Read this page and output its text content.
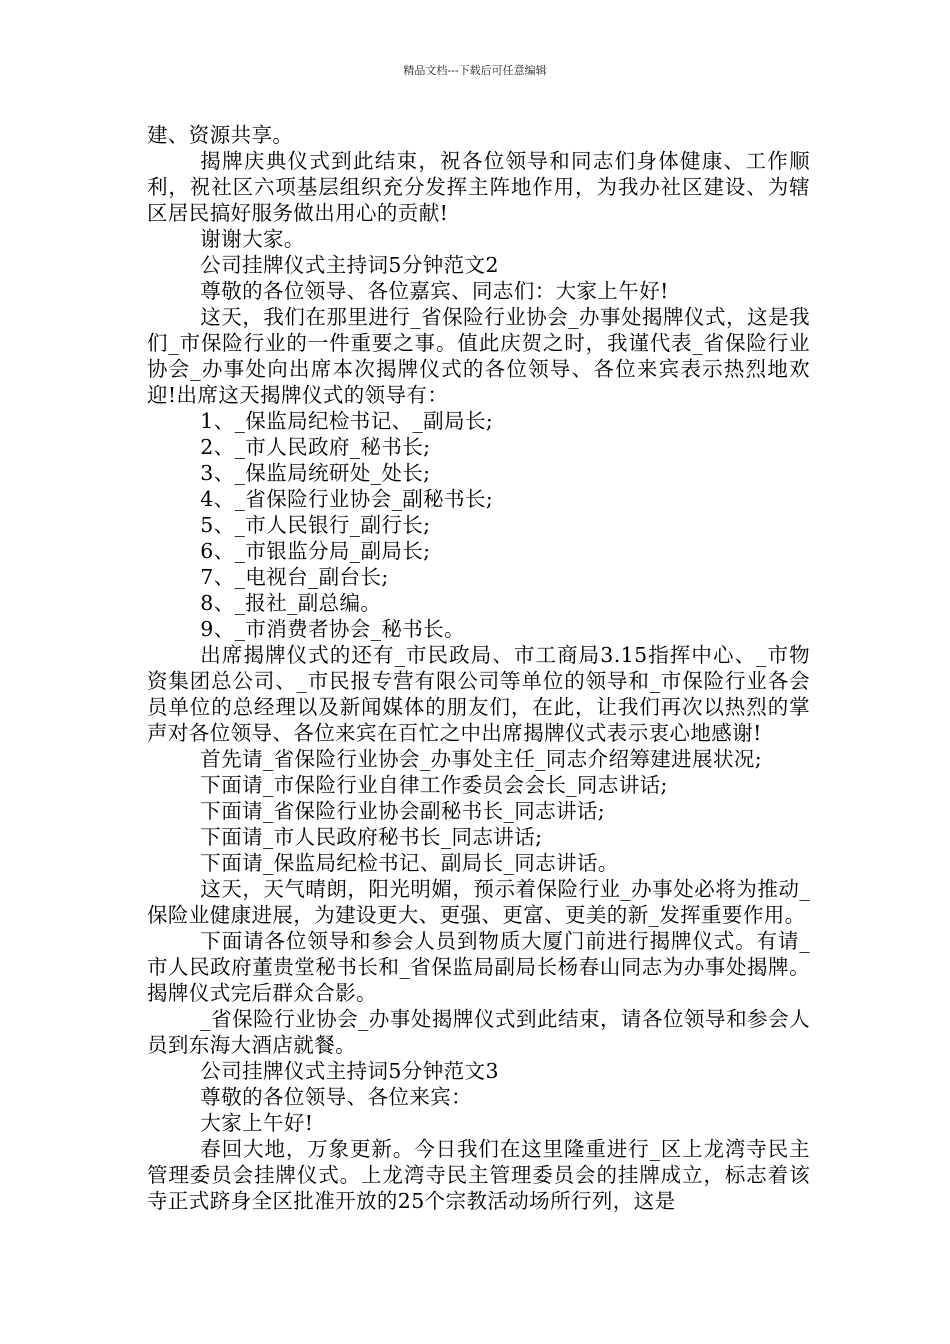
精品文档---下载后可任意编辑

建、资源共享。

揭牌庆典仪式到此结束，祝各位领导和同志们身体健康、工作顺利，祝社区六项基层组织充分发挥主阵地作用，为我办社区建设、为辖区居民搞好服务做出用心的贡献!

谢谢大家。

公司挂牌仪式主持词5分钟范文2

尊敬的各位领导、各位嘉宾、同志们：大家上午好!

这天，我们在那里进行_省保险行业协会_办事处揭牌仪式，这是我们_市保险行业的一件重要之事。值此庆贺之时，我谨代表_省保险行业协会_办事处向出席本次揭牌仪式的各位领导、各位来宾表示热烈地欢迎!出席这天揭牌仪式的领导有：

1、_保监局纪检书记、_副局长;

2、_市人民政府_秘书长;

3、_保监局统研处_处长;

4、_省保险行业协会_副秘书长;

5、_市人民银行_副行长;

6、_市银监分局_副局长;

7、_电视台_副台长;

8、_报社_副总编。

9、_市消费者协会_秘书长。

出席揭牌仪式的还有_市民政局、市工商局3.15指挥中心、_市物资集团总公司、_市民报专营有限公司等单位的领导和_市保险行业各会员单位的总经理以及新闻媒体的朋友们，在此，让我们再次以热烈的掌声对各位领导、各位来宾在百忙之中出席揭牌仪式表示衷心地感谢!

首先请_省保险行业协会_办事处主任_同志介绍筹建进展状况;

下面请_市保险行业自律工作委员会会长_同志讲话;

下面请_省保险行业协会副秘书长_同志讲话;

下面请_市人民政府秘书长_同志讲话;

下面请_保监局纪检书记、副局长_同志讲话。

这天，天气晴朗，阳光明媚，预示着保险行业_办事处必将为推动_保险业健康进展，为建设更大、更强、更富、更美的新_发挥重要作用。

下面请各位领导和参会人员到物质大厦门前进行揭牌仪式。有请_市人民政府董贵堂秘书长和_省保监局副局长杨春山同志为办事处揭牌。揭牌仪式完后群众合影。

_省保险行业协会_办事处揭牌仪式到此结束，请各位领导和参会人员到东海大酒店就餐。

公司挂牌仪式主持词5分钟范文3

尊敬的各位领导、各位来宾：

大家上午好!

春回大地，万象更新。今日我们在这里隆重进行_区上龙湾寺民主管理委员会挂牌仪式。上龙湾寺民主管理委员会的挂牌成立，标志着该寺正式跻身全区批准开放的25个宗教活动场所行列，这是
